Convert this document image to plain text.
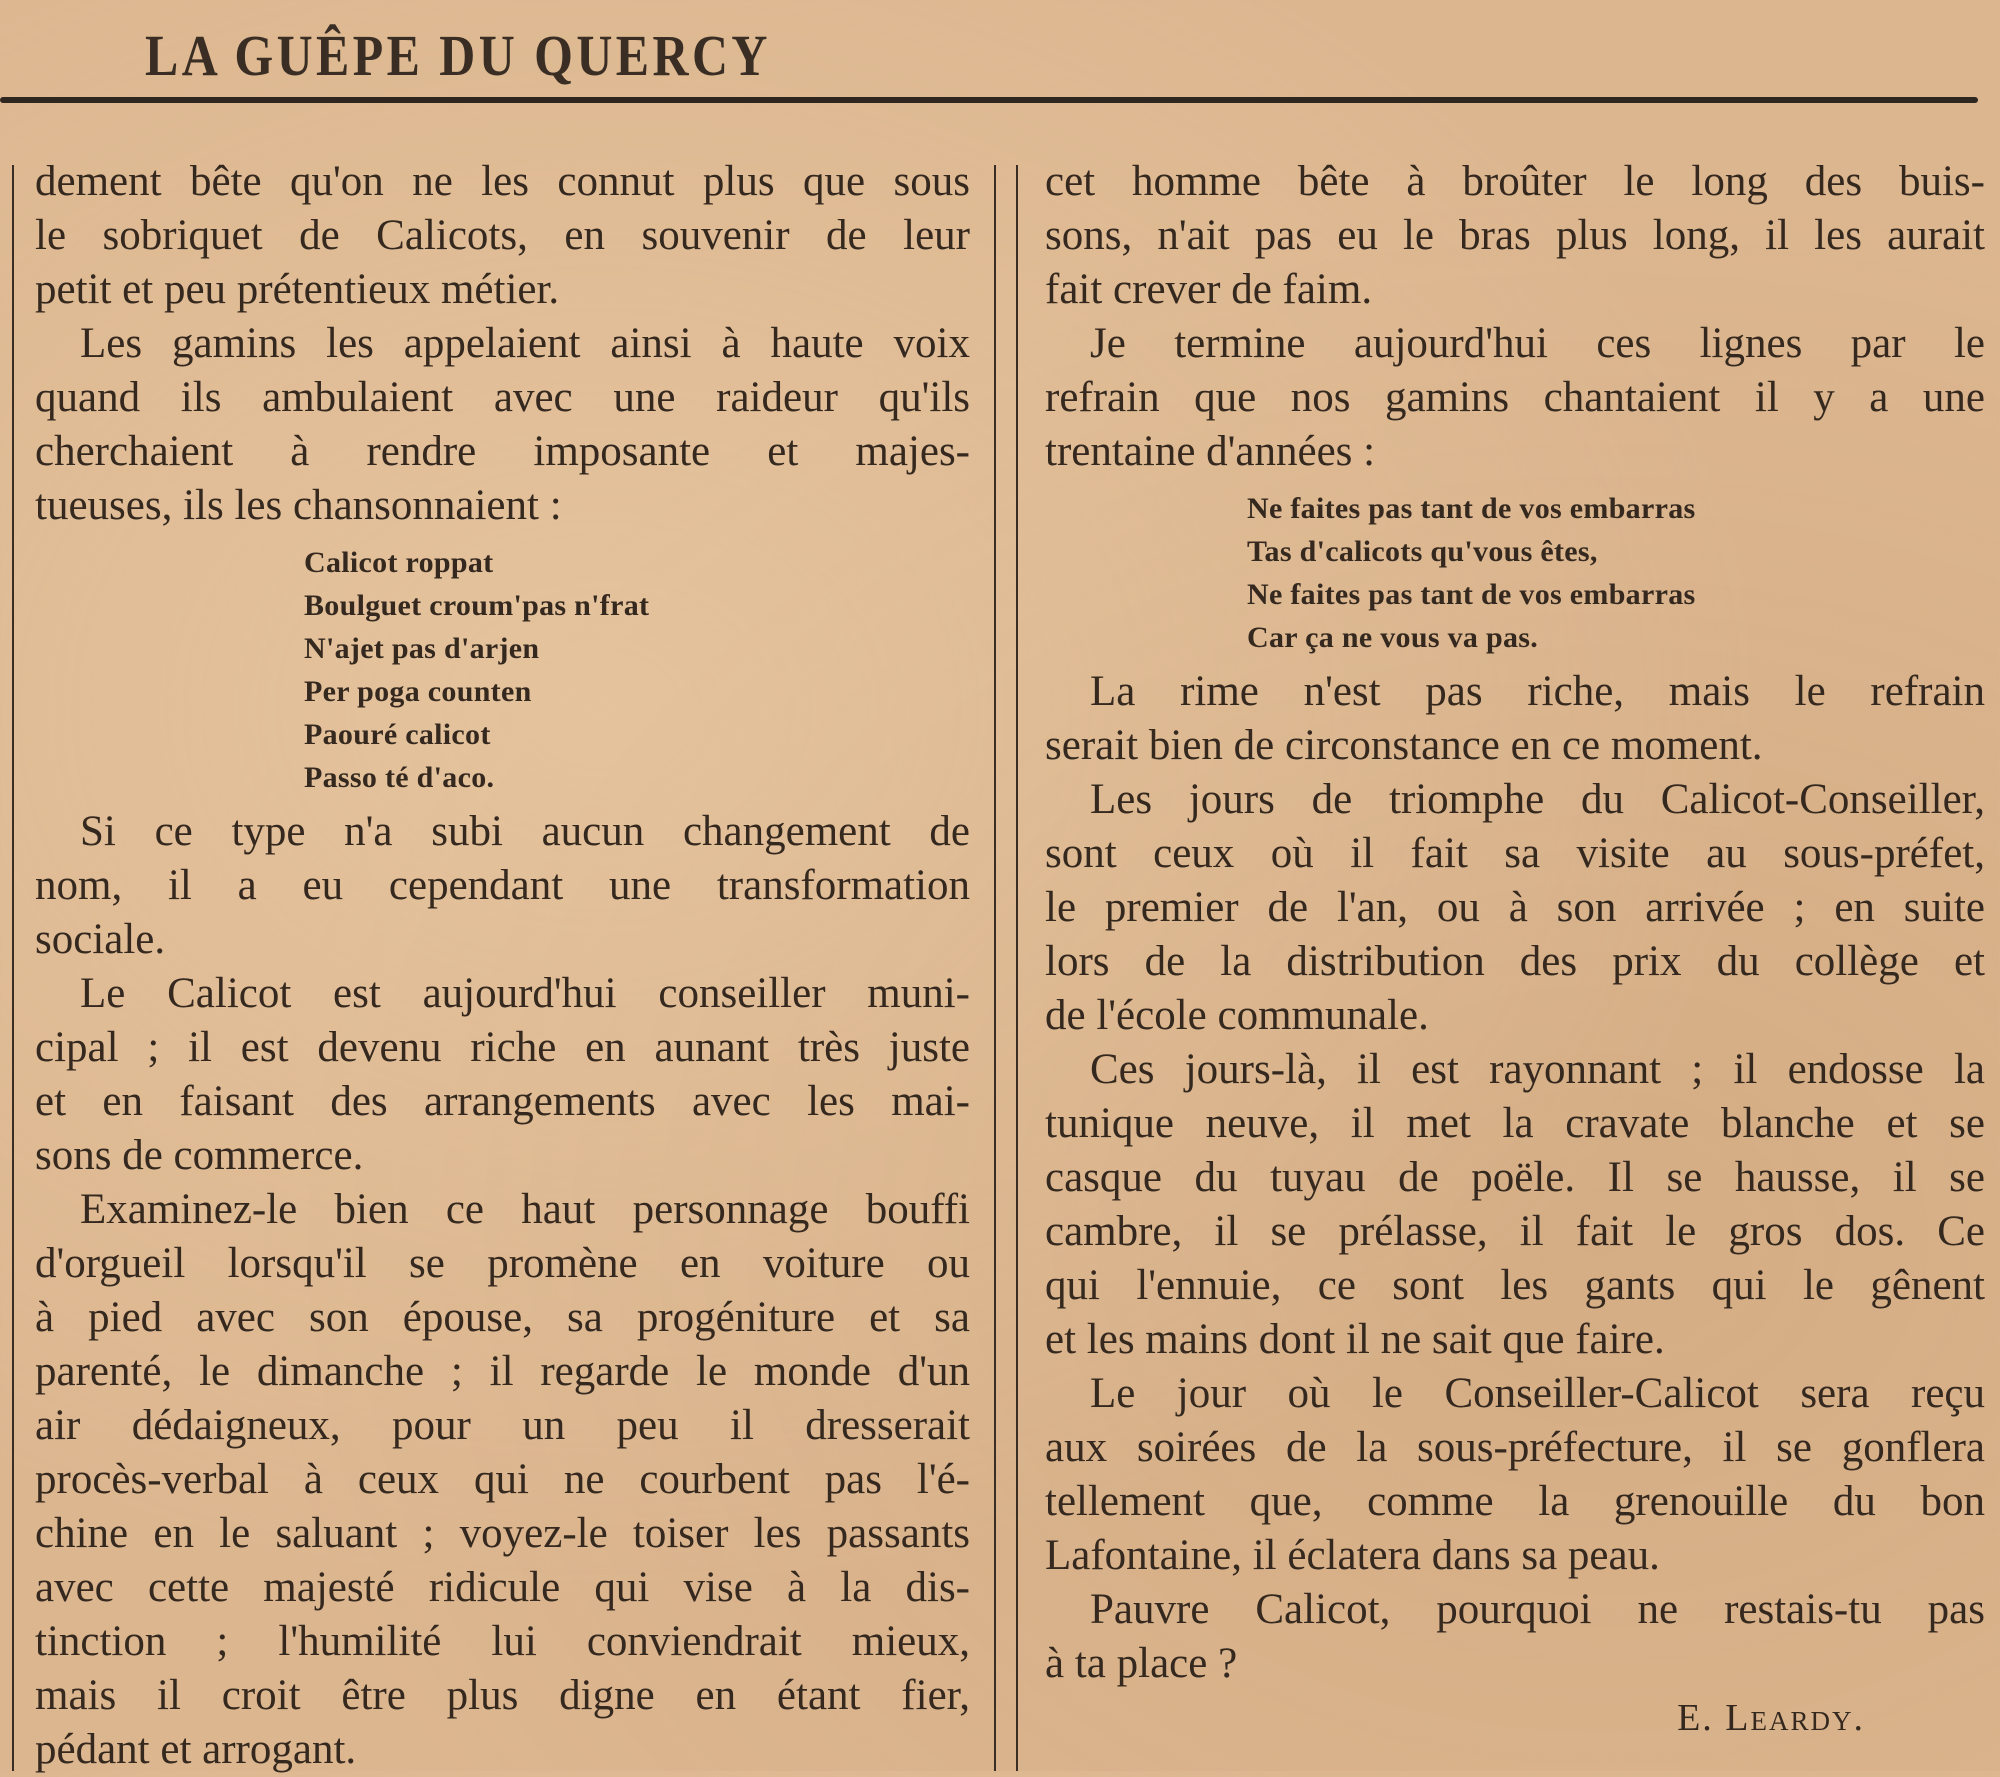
LA GUÊPE DU QUERCY
dement bête qu'on ne les connut plus que sous
le sobriquet de Calicots, en souvenir de leur
petit et peu prétentieux métier.
Les gamins les appelaient ainsi à haute voix
quand ils ambulaient avec une raideur qu'ils
cherchaient à rendre imposante et majes-
tueuses, ils les chansonnaient :
Calicot roppat
Boulguet croum'pas n'frat
N'ajet pas d'arjen
Per poga counten
Paouré calicot
Passo té d'aco.
Si ce type n'a subi aucun changement de
nom, il a eu cependant une transformation
sociale.
Le Calicot est aujourd'hui conseiller muni-
cipal ; il est devenu riche en aunant très juste
et en faisant des arrangements avec les mai-
sons de commerce.
Examinez-le bien ce haut personnage bouffi
d'orgueil lorsqu'il se promène en voiture ou
à pied avec son épouse, sa progéniture et sa
parenté, le dimanche ; il regarde le monde d'un
air dédaigneux, pour un peu il dresserait
procès-verbal à ceux qui ne courbent pas l'é-
chine en le saluant ; voyez-le toiser les passants
avec cette majesté ridicule qui vise à la dis-
tinction ; l'humilité lui conviendrait mieux,
mais il croit être plus digne en étant fier,
pédant et arrogant.
cet homme bête à broûter le long des buis-
sons, n'ait pas eu le bras plus long, il les aurait
fait crever de faim.
Je termine aujourd'hui ces lignes par le
refrain que nos gamins chantaient il y a une
trentaine d'années :
Ne faites pas tant de vos embarras
Tas d'calicots qu'vous êtes,
Ne faites pas tant de vos embarras
Car ça ne vous va pas.
La rime n'est pas riche, mais le refrain
serait bien de circonstance en ce moment.
Les jours de triomphe du Calicot-Conseiller,
sont ceux où il fait sa visite au sous-préfet,
le premier de l'an, ou à son arrivée ; en suite
lors de la distribution des prix du collège et
de l'école communale.
Ces jours-là, il est rayonnant ; il endosse la
tunique neuve, il met la cravate blanche et se
casque du tuyau de poële. Il se hausse, il se
cambre, il se prélasse, il fait le gros dos. Ce
qui l'ennuie, ce sont les gants qui le gênent
et les mains dont il ne sait que faire.
Le jour où le Conseiller-Calicot sera reçu
aux soirées de la sous-préfecture, il se gonflera
tellement que, comme la grenouille du bon
Lafontaine, il éclatera dans sa peau.
Pauvre Calicot, pourquoi ne restais-tu pas
à ta place ?
E. Leardy.
